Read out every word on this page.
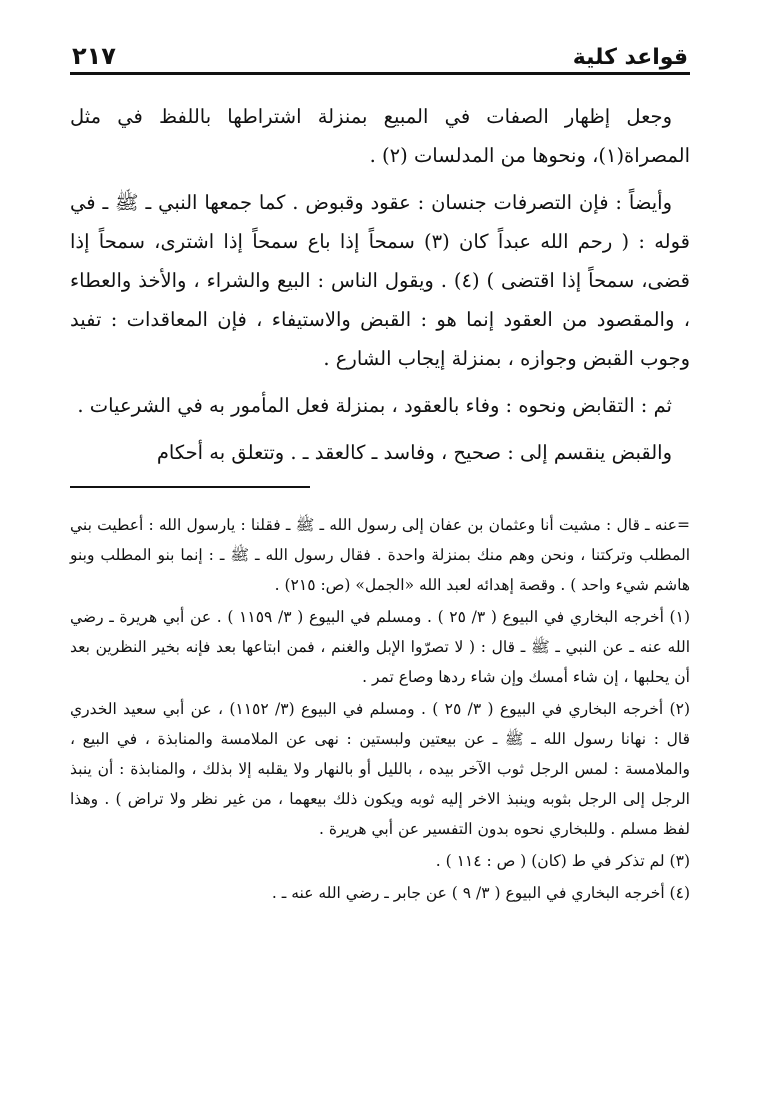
قواعد كلية
٢١٧

وجعل إظهار الصفات في المبيع بمنزلة اشتراطها باللفظ في مثل المصراة(١)، ونحوها من المدلسات (٢) .

وأيضاً : فإن التصرفات جنسان : عقود وقبوض . كما جمعها النبي ـ ﷺ ـ في قوله : ( رحم الله عبداً كان (٣) سمحاً إذا باع سمحاً إذا اشترى، سمحاً إذا قضى، سمحاً إذا اقتضى ) (٤) . ويقول الناس : البيع والشراء ، والأخذ والعطاء ، والمقصود من العقود إنما هو : القبض والاستيفاء ، فإن المعاقدات : تفيد وجوب القبض وجوازه ، بمنزلة إيجاب الشارع .

ثم : التقابض ونحوه : وفاء بالعقود ، بمنزلة فعل المأمور به في الشرعيات .

والقبض ينقسم إلى : صحيح ، وفاسد ـ كالعقد ـ . وتتعلق به أحكام

=عنه ـ قال : مشيت أنا وعثمان بن عفان إلى رسول الله ـ ﷺ ـ فقلنا : يارسول الله : أعطيت بني المطلب وتركتنا ، ونحن وهم منك بمنزلة واحدة . فقال رسول الله ـ ﷺ ـ : إنما بنو المطلب وبنو هاشم شيء واحد ) . وقصة إهدائه لعبد الله «الجمل» (ص: ٢١٥) .

(١) أخرجه البخاري في البيوع ( ٣/ ٢٥ ) . ومسلم في البيوع ( ٣/ ١١٥٩ ) . عن أبي هريرة ـ رضي الله عنه ـ عن النبي ـ ﷺ ـ قال : ( لا تصرّوا الإبل والغنم ، فمن ابتاعها بعد فإنه بخير النظرين بعد أن يحلبها ، إن شاء أمسك وإن شاء ردها وصاع تمر .

(٢) أخرجه البخاري في البيوع ( ٣/ ٢٥ ) . ومسلم في البيوع (٣/ ١١٥٢) ، عن أبي سعيد الخدري قال : نهانا رسول الله ـ ﷺ ـ عن بيعتين ولبستين : نهى عن الملامسة والمنابذة ، في البيع ، والملامسة : لمس الرجل ثوب الآخر بيده ، بالليل أو بالنهار ولا يقلبه إلا بذلك ، والمنابذة : أن ينبذ الرجل إلى الرجل بثوبه وينبذ الاخر إليه ثوبه ويكون ذلك بيعهما ، من غير نظر ولا تراض ) . وهذا لفظ مسلم . وللبخاري نحوه بدون التفسير عن أبي هريرة .

(٣) لم تذكر في ط (كان) ( ص : ١١٤ ) .

(٤) أخرجه البخاري في البيوع ( ٣/ ٩ ) عن جابر ـ رضي الله عنه ـ .
